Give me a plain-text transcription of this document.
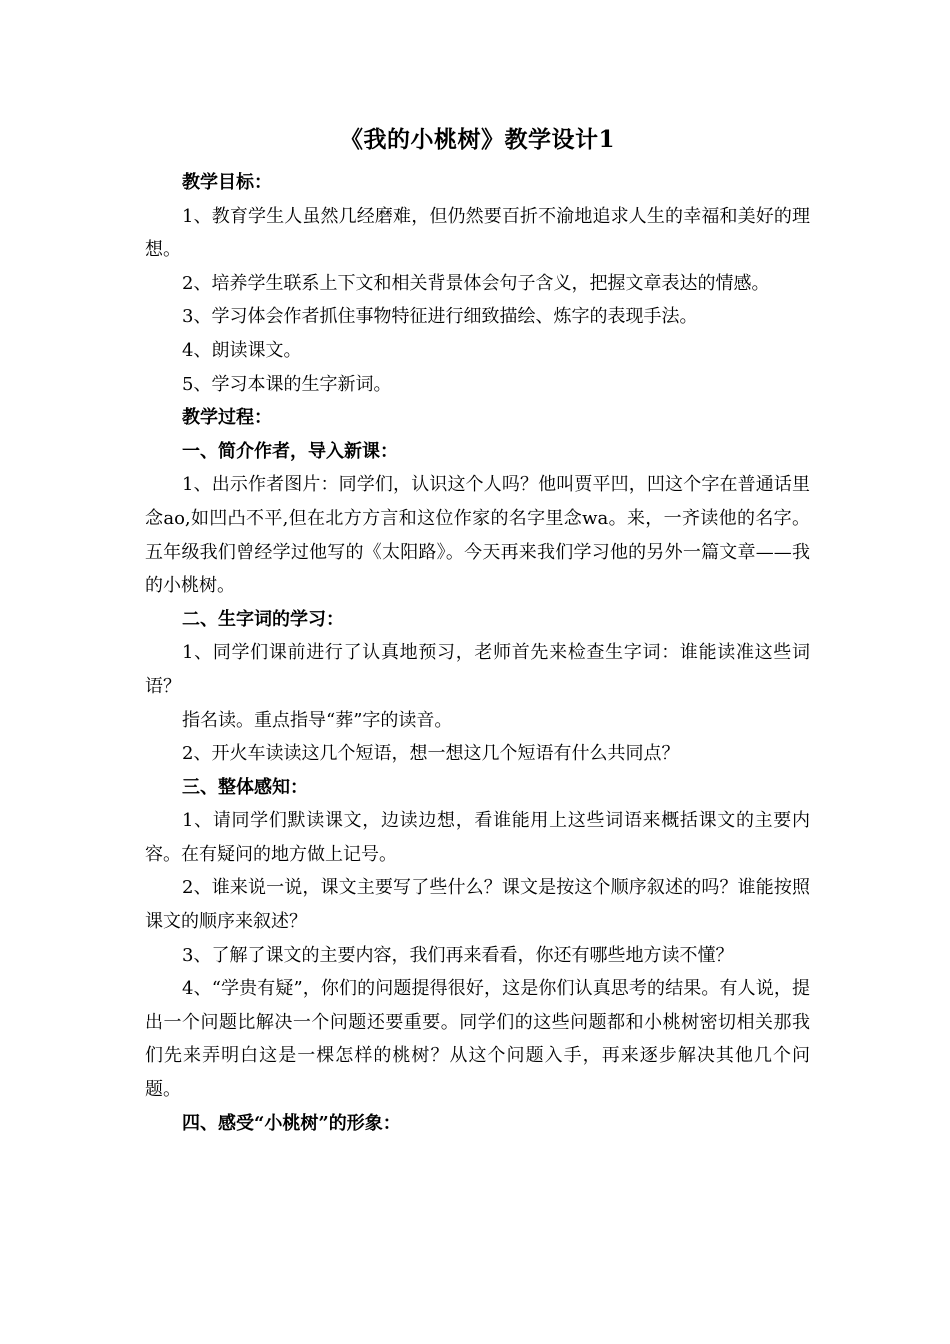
《我的小桃树》教学设计1

教学目标：

1、教育学生人虽然几经磨难，但仍然要百折不渝地追求人生的幸福和美好的理想。

2、培养学生联系上下文和相关背景体会句子含义，把握文章表达的情感。

3、学习体会作者抓住事物特征进行细致描绘、炼字的表现手法。

4、朗读课文。

5、学习本课的生字新词。

教学过程：

一、简介作者，导入新课：

1、出示作者图片：同学们，认识这个人吗？他叫贾平凹，凹这个字在普通话里念ao,如凹凸不平,但在北方方言和这位作家的名字里念wa。来，一齐读他的名字。五年级我们曾经学过他写的《太阳路》。今天再来我们学习他的另外一篇文章——我的小桃树。

二、生字词的学习：

1、同学们课前进行了认真地预习，老师首先来检查生字词：谁能读准这些词语？

指名读。重点指导“葬”字的读音。

2、开火车读读这几个短语，想一想这几个短语有什么共同点？

三、整体感知：

1、请同学们默读课文，边读边想，看谁能用上这些词语来概括课文的主要内容。在有疑问的地方做上记号。

2、谁来说一说，课文主要写了些什么？课文是按这个顺序叙述的吗？谁能按照课文的顺序来叙述？

3、了解了课文的主要内容，我们再来看看，你还有哪些地方读不懂？

4、“学贵有疑”，你们的问题提得很好，这是你们认真思考的结果。有人说，提出一个问题比解决一个问题还要重要。同学们的这些问题都和小桃树密切相关那我们先来弄明白这是一棵怎样的桃树？从这个问题入手，再来逐步解决其他几个问题。

四、感受“小桃树”的形象：
